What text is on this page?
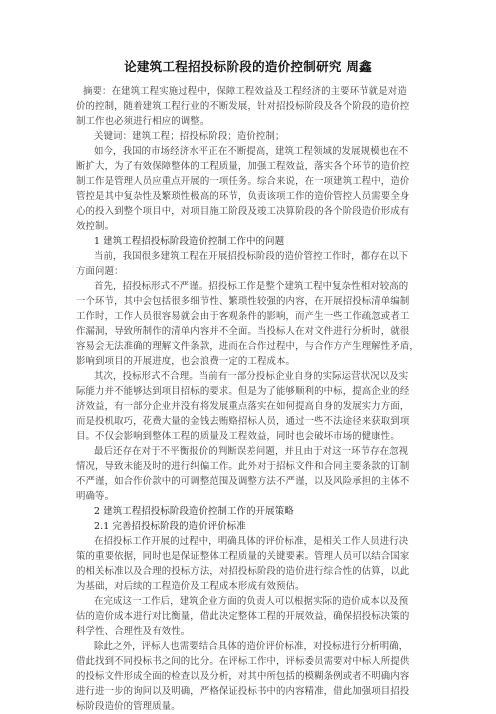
论建筑工程招投标阶段的造价控制研究 周鑫
摘要：在建筑工程实施过程中，保障工程效益及工程经济的主要环节就是对造
价的控制，随着建筑工程行业的不断发展，针对招投标阶段及各个阶段的造价控
制工作也必须进行相应的调整。
关键词：建筑工程；招投标阶段；造价控制；
如今，我国的市场经济水平正在不断提高，建筑工程领域的发展规模也在不
断扩大，为了有效保障整体的工程质量，加强工程效益，落实各个环节的造价控
制工作是管理人员应重点开展的一项任务。综合来说，在一项建筑工程中，造价
管控是其中复杂性及繁琐性极高的环节，负责该项工作的造价管控人员需要全身
心的投入到整个项目中，对项目施工阶段及竣工决算阶段的各个阶段造价形成有
效控制。
1 建筑工程招投标阶段造价控制工作中的问题
当前，我国很多建筑工程在开展招投标阶段的造价管控工作时，都存在以下
方面问题：
首先，招投标形式不严谨。招投标工作是整个建筑工程中复杂性相对较高的
一个环节，其中会包括很多细节性、繁琐性较强的内容，在开展招投标清单编制
工作时，工作人员很容易就会由于客观条件的影响，而产生一些工作疏忽或者工
作漏洞，导致所制作的清单内容并不全面。当投标人在对文件进行分析时，就很
容易会无法准确的理解文件条款，进而在合作过程中，与合作方产生理解性矛盾，
影响到项目的开展进度，也会浪费一定的工程成本。
其次，投标形式不合理。当前有一部分投标企业自身的实际运营状况以及实
际能力并不能够达到项目招标的要求。但是为了能够顺利的中标，提高企业的经
济效益，有一部分企业并没有将发展重点落实在如何提高自身的发展实力方面，
而是投机取巧，花费大量的金钱去贿赂招标人员，通过一些不法途径来获取到项
目。不仅会影响到整体工程的质量及工程效益，同时也会破坏市场的健康性。
最后还存在对于不平衡报价的判断误差问题，并且由于对这一环节存在忽视
情况，导致未能及时的进行纠偏工作。此外对于招标文件和合同主要条款的订制
不严谨，如合作价款中的可调整范围及调整方法不严谨，以及风险承担的主体不
明确等。
2 建筑工程招投标阶段造价控制工作的开展策略
2.1 完善招投标阶段的造价评价标准
在招投标工作开展的过程中，明确具体的评价标准，是相关工作人员进行决
策的重要依据，同时也是保证整体工程质量的关键要素。管理人员可以结合国家
的相关标准以及合理的投标方法，对招投标阶段的造价进行综合性的估算，以此
为基础，对后续的工程造价及工程成本形成有效预估。
在完成这一工作后，建筑企业方面的负责人可以根据实际的造价成本以及预
估的造价成本进行对比衡量，借此决定整体工程的开展效益，确保招投标决策的
科学性、合理性及有效性。
除此之外，评标人也需要结合具体的造价评价标准，对投标进行分析明确，
借此找到不同投标书之间的比分。在评标工作中，评标委员需要对中标人所提供
的投标文件形成全面的检查以及分析，对其中所包括的模糊条例或者不明确内容
进行进一步的询问以及明确，严格保证投标书中的内容精准，借此加强项目招投
标阶段造价的管理质量。
